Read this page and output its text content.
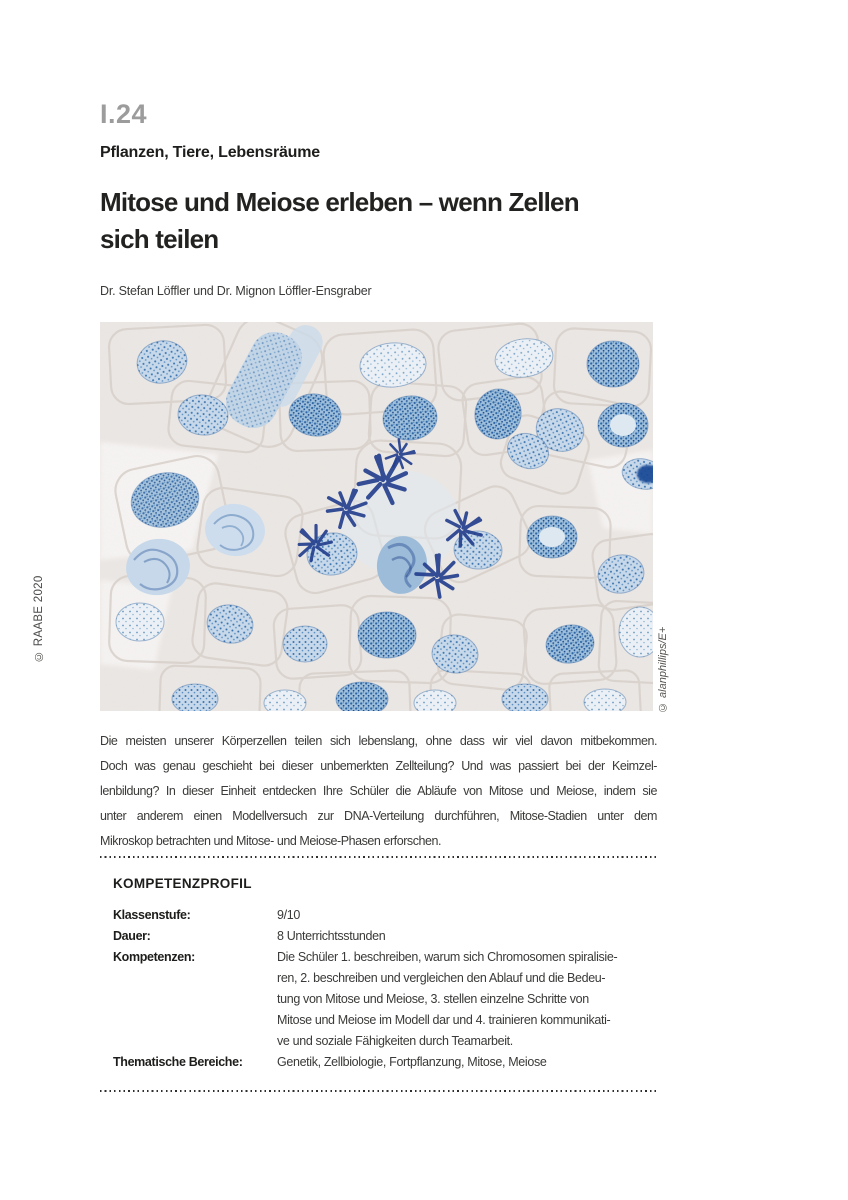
© RAABE 2020
I.24
Pflanzen, Tiere, Lebensräume
Mitose und Meiose erleben – wenn Zellen
sich teilen
Dr. Stefan Löffler und Dr. Mignon Löffler-Ensgraber
© alanphillips/E+
Die meisten unserer Körperzellen teilen sich lebenslang, ohne dass wir viel davon mitbekommen.
Doch was genau geschieht bei dieser unbemerkten Zellteilung? Und was passiert bei der Keimzel-
lenbildung? In dieser Einheit entdecken Ihre Schüler die Abläufe von Mitose und Meiose, indem sie
unter anderem einen Modellversuch zur DNA-Verteilung durchführen, Mitose-Stadien unter dem
Mikroskop betrachten und Mitose- und Meiose-Phasen erforschen.
KOMPETENZPROFIL
Klassenstufe:	9/10
Dauer:	8 Unterrichtsstunden
Kompetenzen:	Die Schüler 1. beschreiben, warum sich Chromosomen spiralisie-
ren, 2. beschreiben und vergleichen den Ablauf und die Bedeu-
tung von Mitose und Meiose, 3. stellen einzelne Schritte von
Mitose und Meiose im Modell dar und 4. trainieren kommunikati-
ve und soziale Fähigkeiten durch Teamarbeit.
Thematische Bereiche:	Genetik, Zellbiologie, Fortpflanzung, Mitose, Meiose
